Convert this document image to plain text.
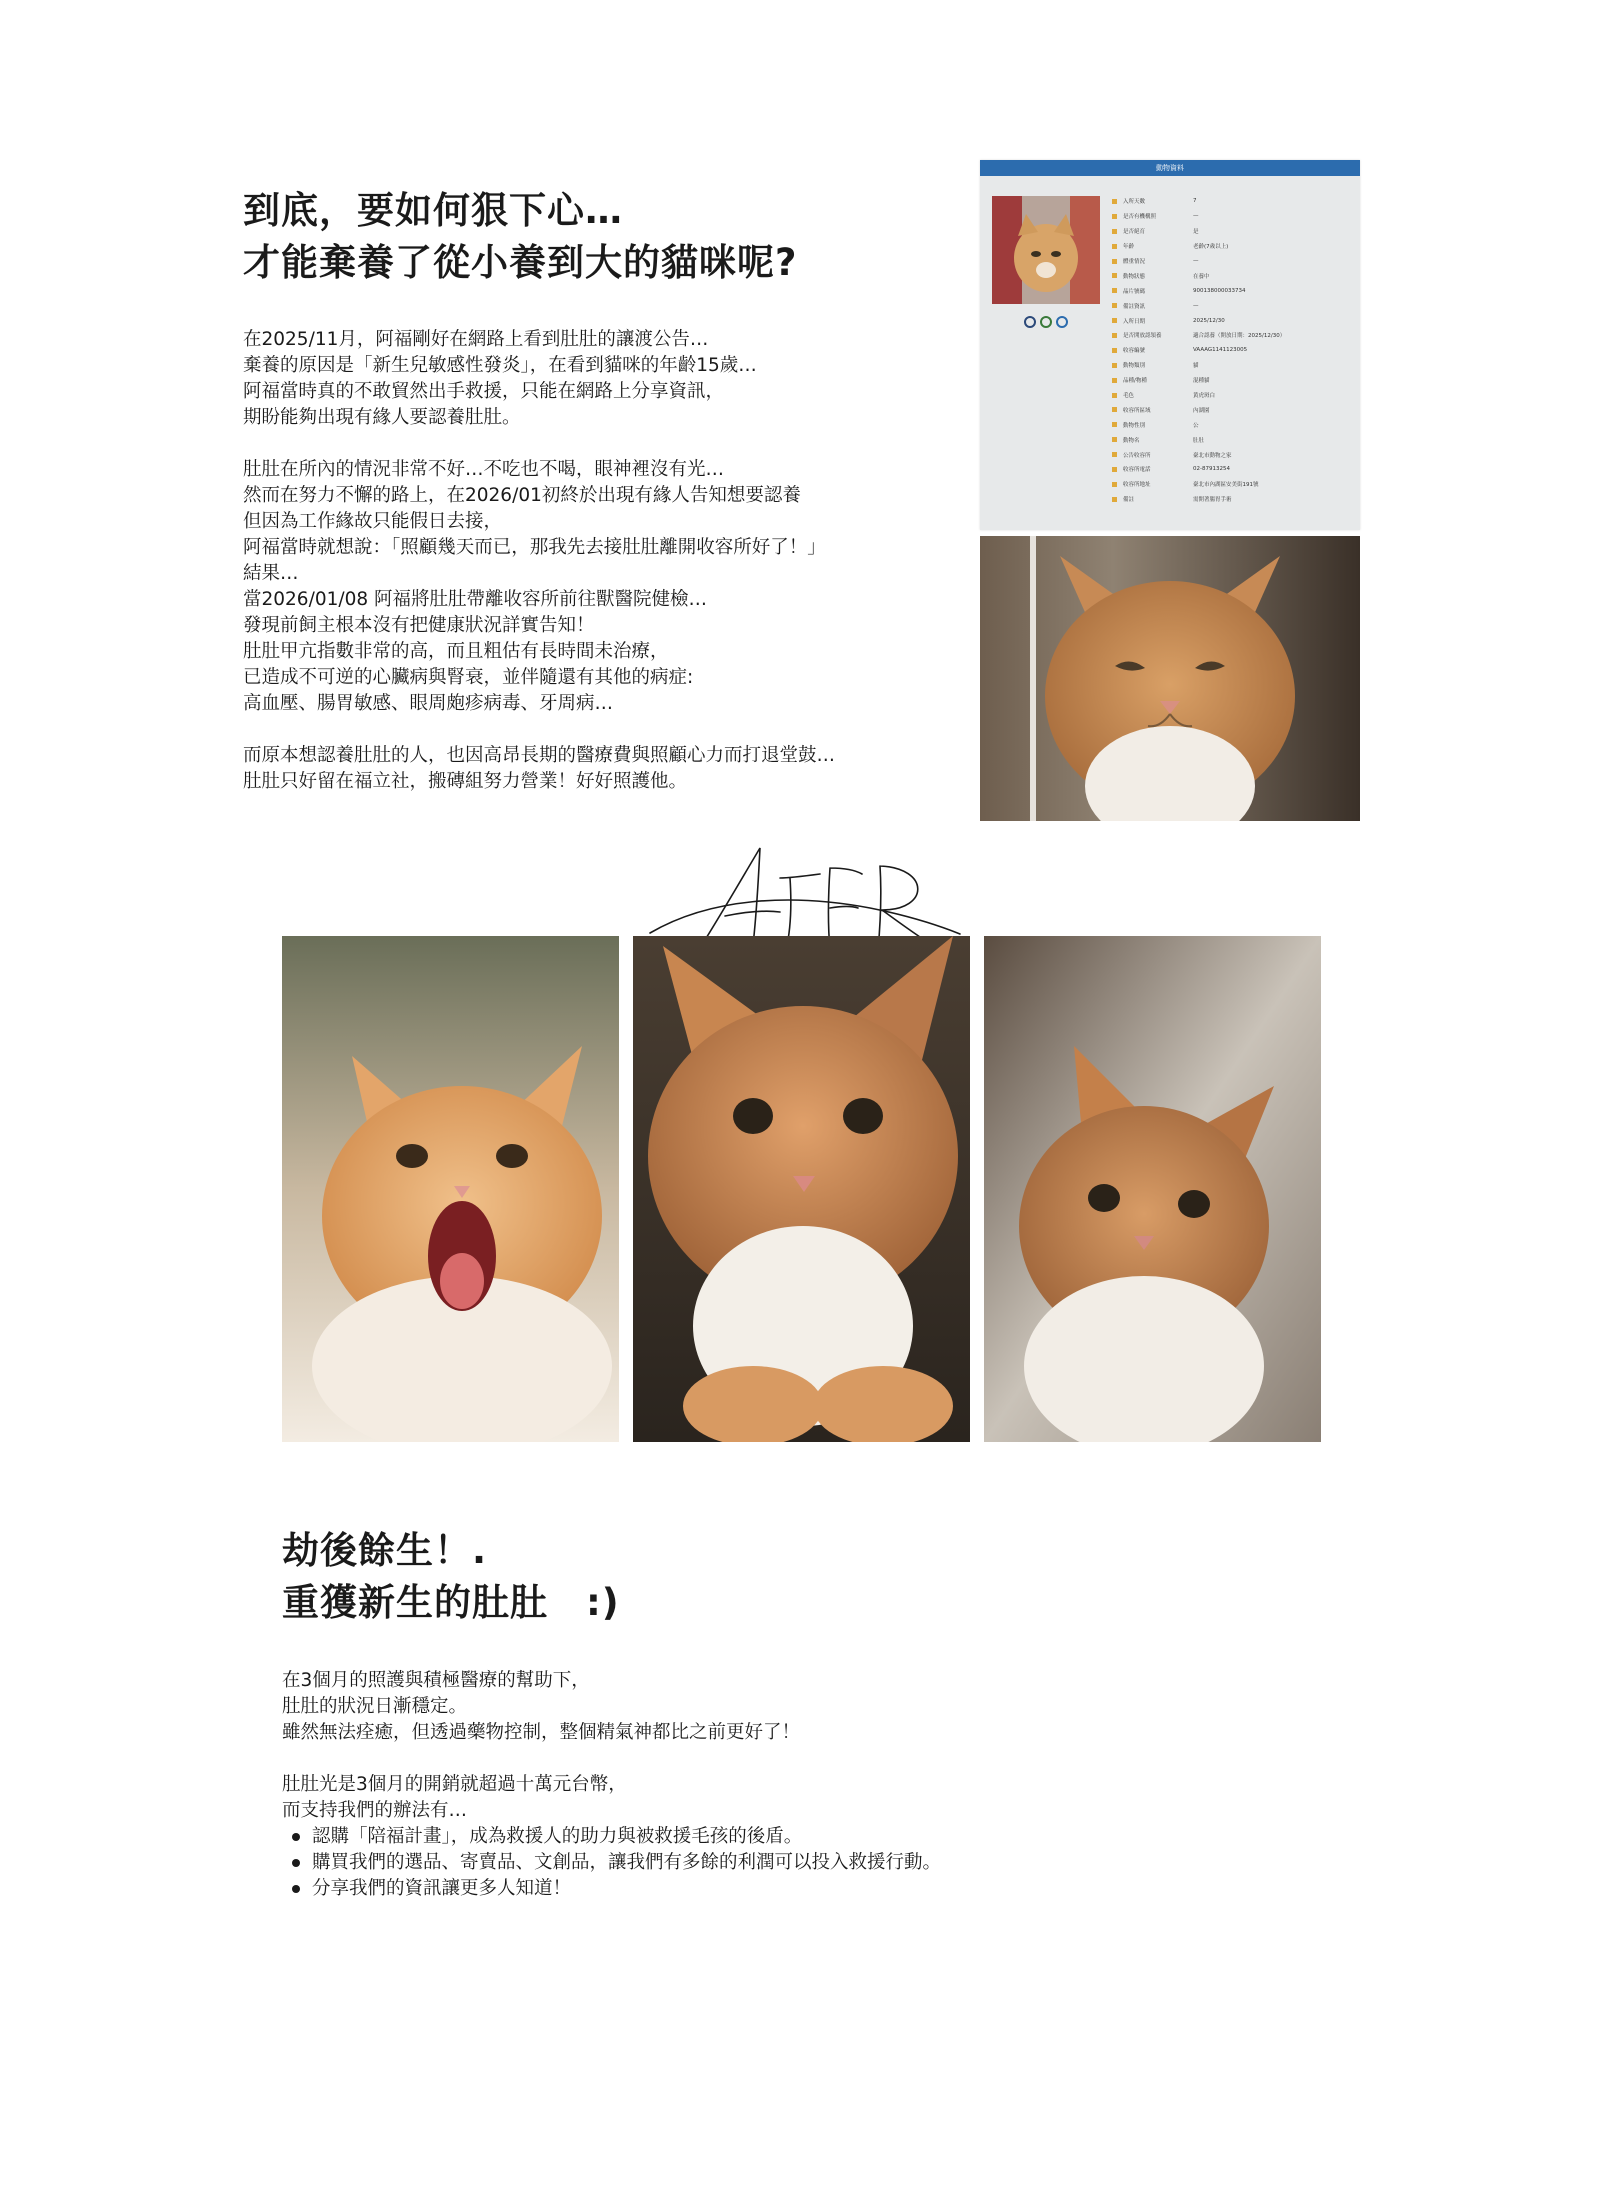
到底，要如何狠下心…
才能棄養了從小養到大的貓咪呢?
在2025/11月，阿福剛好在網路上看到肚肚的讓渡公告…
棄養的原因是「新生兒敏感性發炎」，在看到貓咪的年齡15歲…
阿福當時真的不敢貿然出手救援，只能在網路上分享資訊，
期盼能夠出現有緣人要認養肚肚。
肚肚在所內的情況非常不好…不吃也不喝，眼神裡沒有光…
然而在努力不懈的路上，在2026/01初終於出現有緣人告知想要認養
但因為工作緣故只能假日去接，
阿福當時就想說：「照顧幾天而已，那我先去接肚肚離開收容所好了！」
結果…
當2026/01/08 阿福將肚肚帶離收容所前往獸醫院健檢…
發現前飼主根本沒有把健康狀況詳實告知！
肚肚甲亢指數非常的高，而且粗估有長時間未治療，
已造成不可逆的心臟病與腎衰，並伴隨還有其他的病症:
高血壓、腸胃敏感、眼周皰疹病毒、牙周病…
而原本想認養肚肚的人，也因高昂長期的醫療費與照顧心力而打退堂鼓…
肚肚只好留在福立社，搬磚組努力營業！好好照護他。
動物資料
入所天數	7
是否有機構照	—
是否絕育	是
年齡	老齡(7歲以上)
體重情況	—
動物狀態	在養中
晶片號碼	900138000033734
備註資訊	—
入所日期	2025/12/30
是否開放認領養	適合認養（開放日期：2025/12/30）
收容編號	VAAAG1141123005
動物類別	貓
品種/物種	混種貓
毛色	黃虎斑白
收容所區域	內湖園
動物性別	公
動物名	肚肚
公告收容所	臺北市動物之家
收容所電話	02-87913254
收容所地址	臺北市內湖區安美街191號
備註	需開著腸胃手術
劫後餘生！.
重獲新生的肚肚　:)
在3個月的照護與積極醫療的幫助下，
肚肚的狀況日漸穩定。
雖然無法痊癒，但透過藥物控制，整個精氣神都比之前更好了！
肚肚光是3個月的開銷就超過十萬元台幣，
而支持我們的辦法有…
認購「陪福計畫」，成為救援人的助力與被救援毛孩的後盾。
購買我們的選品、寄賣品、文創品，讓我們有多餘的利潤可以投入救援行動。
分享我們的資訊讓更多人知道！
